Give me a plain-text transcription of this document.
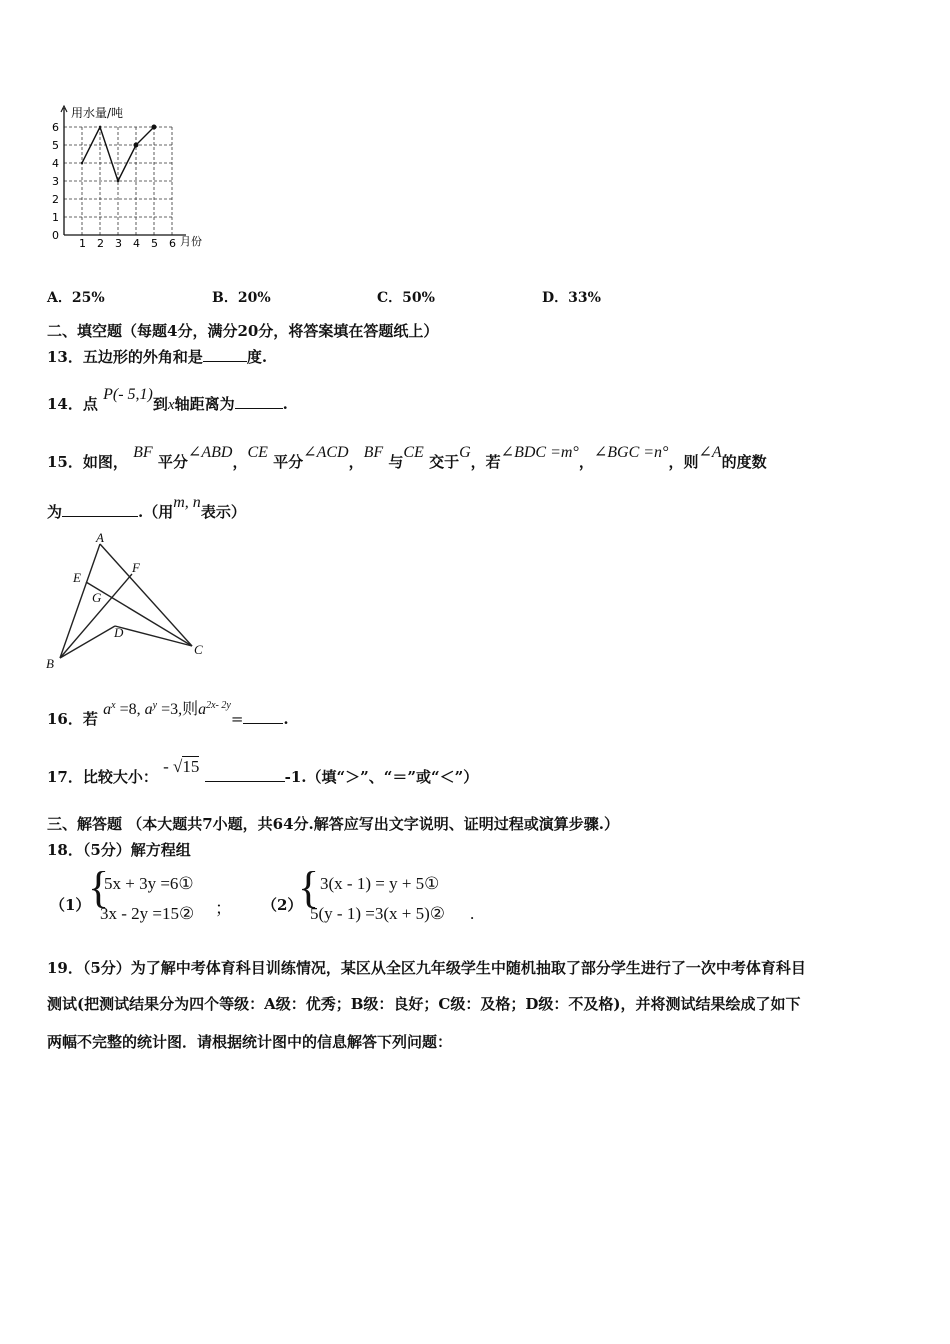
0
1
2
3
4
5
6
1 2 3 4 5 6
用水量/吨
月份
A．25%	B．20%	C．50%	D．33%
二、填空题（每题4分，满分20分，将答案填在答题纸上）
13．五边形的外角和是	度.
14．点 P(- 5,1)到x轴距离为	.
15．如图， BF 平分∠ABD，CE 平分∠ACD，BF 与CE 交于G，若∠BDC =m°，∠BGC =n°，则∠A的度数
为	.（用m, n表示）
A
B
C
D
E
F
G
16．若 $a^x =8$, $a^y =3$,则$a^{2x- 2y}=$	.
17．比较大小： - √15 -1.（填“＞”、“＝”或“＜”）
三、解答题 （本大题共7小题，共64分.解答应写出文字说明、证明过程或演算步骤.）
18．（5分）解方程组
（1）
{
5x + 3y =6①
3x - 2y =15② ； （2）
{ 3(x - 1) = y + 5①
5(y - 1) =3(x + 5)② .
19．（5分）为了解中考体育科目训练情况，某区从全区九年级学生中随机抽取了部分学生进行了一次中考体育科目
测试(把测试结果分为四个等级：A级：优秀；B级：良好；C级：及格；D级：不及格)，并将测试结果绘成了如下
两幅不完整的统计图．请根据统计图中的信息解答下列问题：
